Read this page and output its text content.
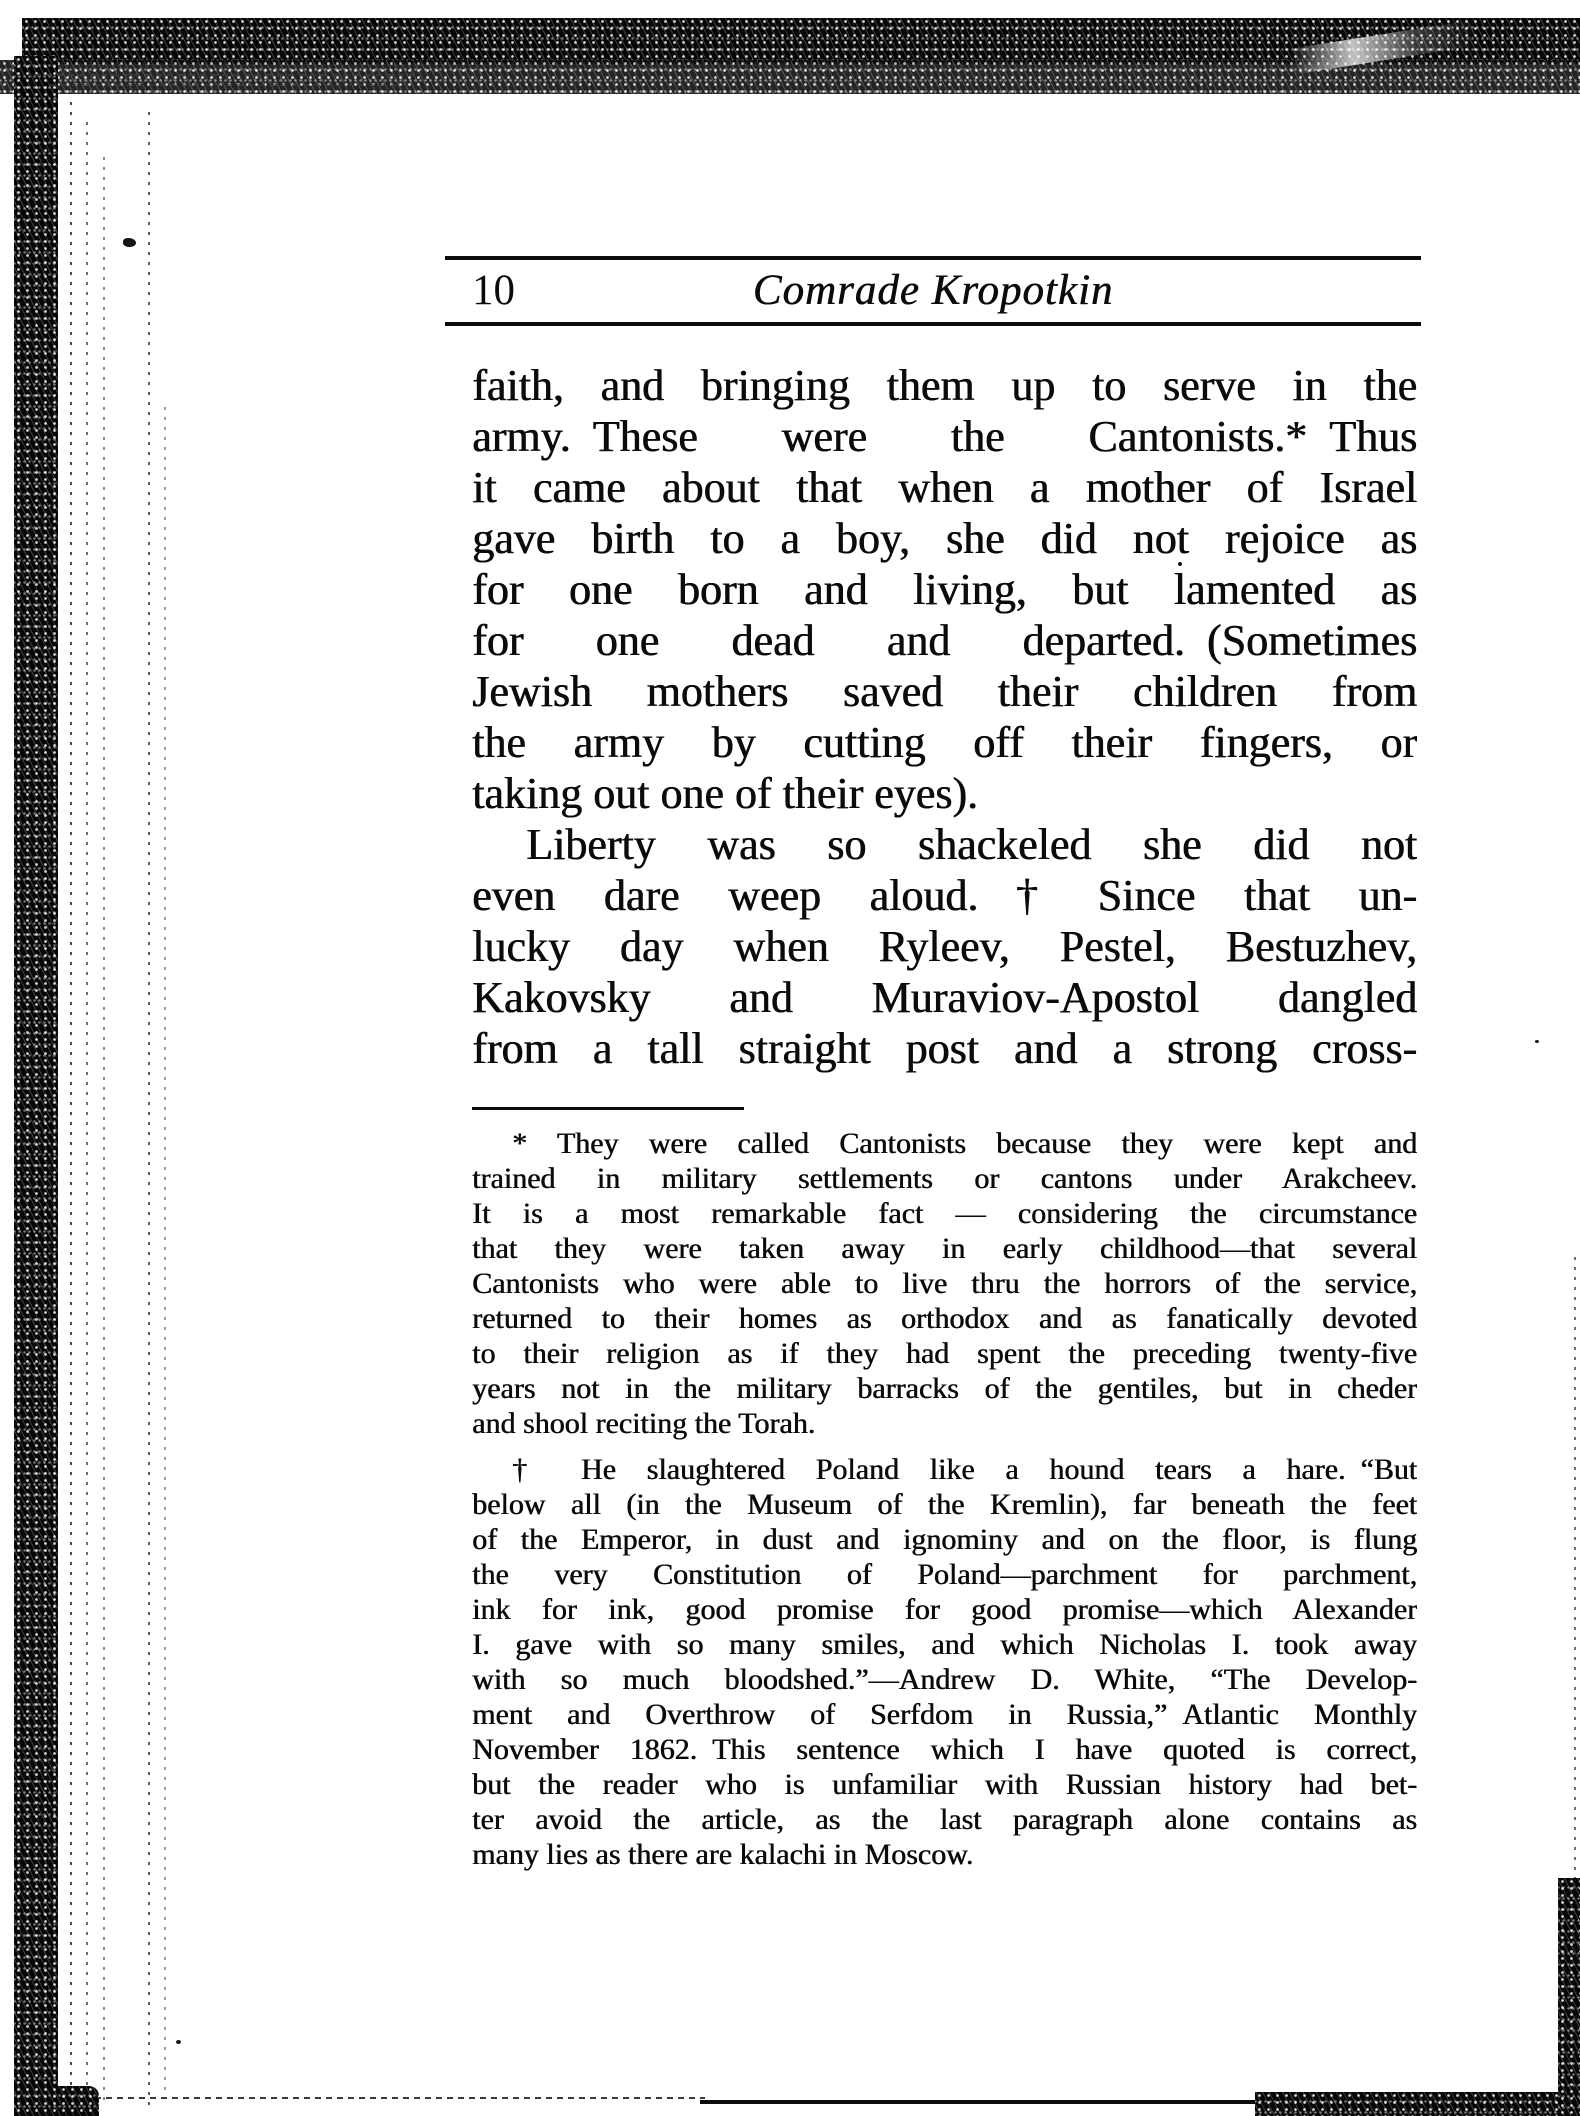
10	Comrade Kropotkin
faith, and bringing them up to serve in the
army. These were the Cantonists.* Thus
it came about that when a mother of Israel
gave birth to a boy, she did not rejoice as
for one born and living, but lamented as
for one dead and departed. (Sometimes
Jewish mothers saved their children from
the army by cutting off their fingers, or
taking out one of their eyes).
Liberty was so shackeled she did not
even dare weep aloud.† Since that un-
lucky day when Ryleev, Pestel, Bestuzhev,
Kakovsky and Muraviov-Apostol dangled
from a tall straight post and a strong cross-
* They were called Cantonists because they were kept and
trained in military settlements or cantons under Arakcheev.
It is a most remarkable fact — considering the circumstance
that they were taken away in early childhood—that several
Cantonists who were able to live thru the horrors of the service,
returned to their homes as orthodox and as fanatically devoted
to their religion as if they had spent the preceding twenty-five
years not in the military barracks of the gentiles, but in cheder
and shool reciting the Torah.
† He slaughtered Poland like a hound tears a hare. “But
below all (in the Museum of the Kremlin), far beneath the feet
of the Emperor, in dust and ignominy and on the floor, is flung
the very Constitution of Poland—parchment for parchment,
ink for ink, good promise for good promise—which Alexander
I. gave with so many smiles, and which Nicholas I. took away
with so much bloodshed.”—Andrew D. White, “The Develop-
ment and Overthrow of Serfdom in Russia,” Atlantic Monthly
November 1862. This sentence which I have quoted is correct,
but the reader who is unfamiliar with Russian history had bet-
ter avoid the article, as the last paragraph alone contains as
many lies as there are kalachi in Moscow.
